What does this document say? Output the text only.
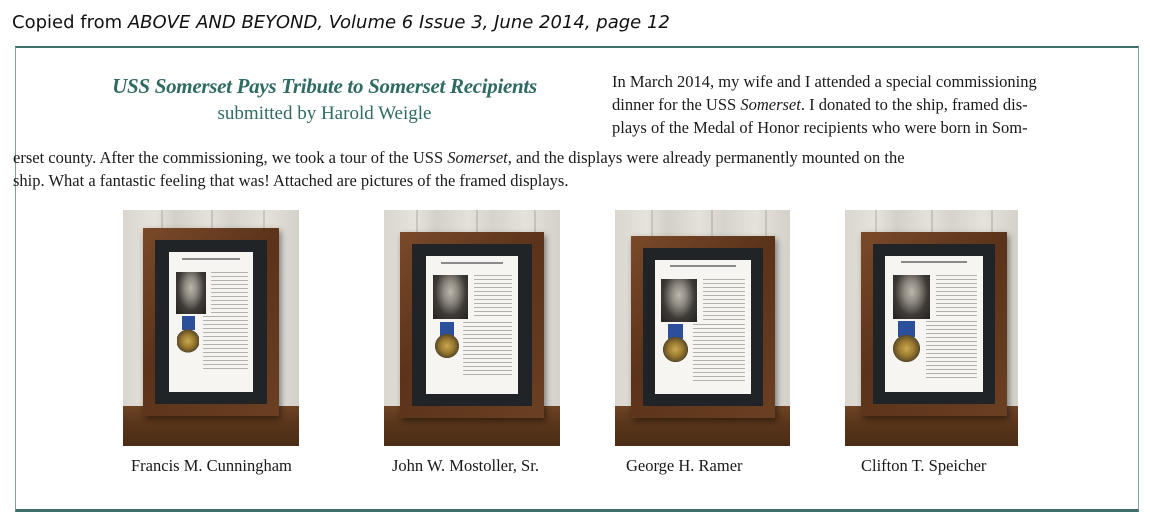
Copied from ABOVE AND BEYOND, Volume 6 Issue 3, June 2014, page 12
USS Somerset Pays Tribute to Somerset Recipients
submitted by Harold Weigle
In March 2014, my wife and I attended a special commissioning
dinner for the USS Somerset. I donated to the ship, framed dis-
plays of the Medal of Honor recipients who were born in Som-
erset county. After the commissioning, we took a tour of the USS Somerset, and the displays were already permanently mounted on the
ship. What a fantastic feeling that was! Attached are pictures of the framed displays.
Francis M. Cunningham	John W. Mostoller, Sr.	George H. Ramer	Clifton T. Speicher
